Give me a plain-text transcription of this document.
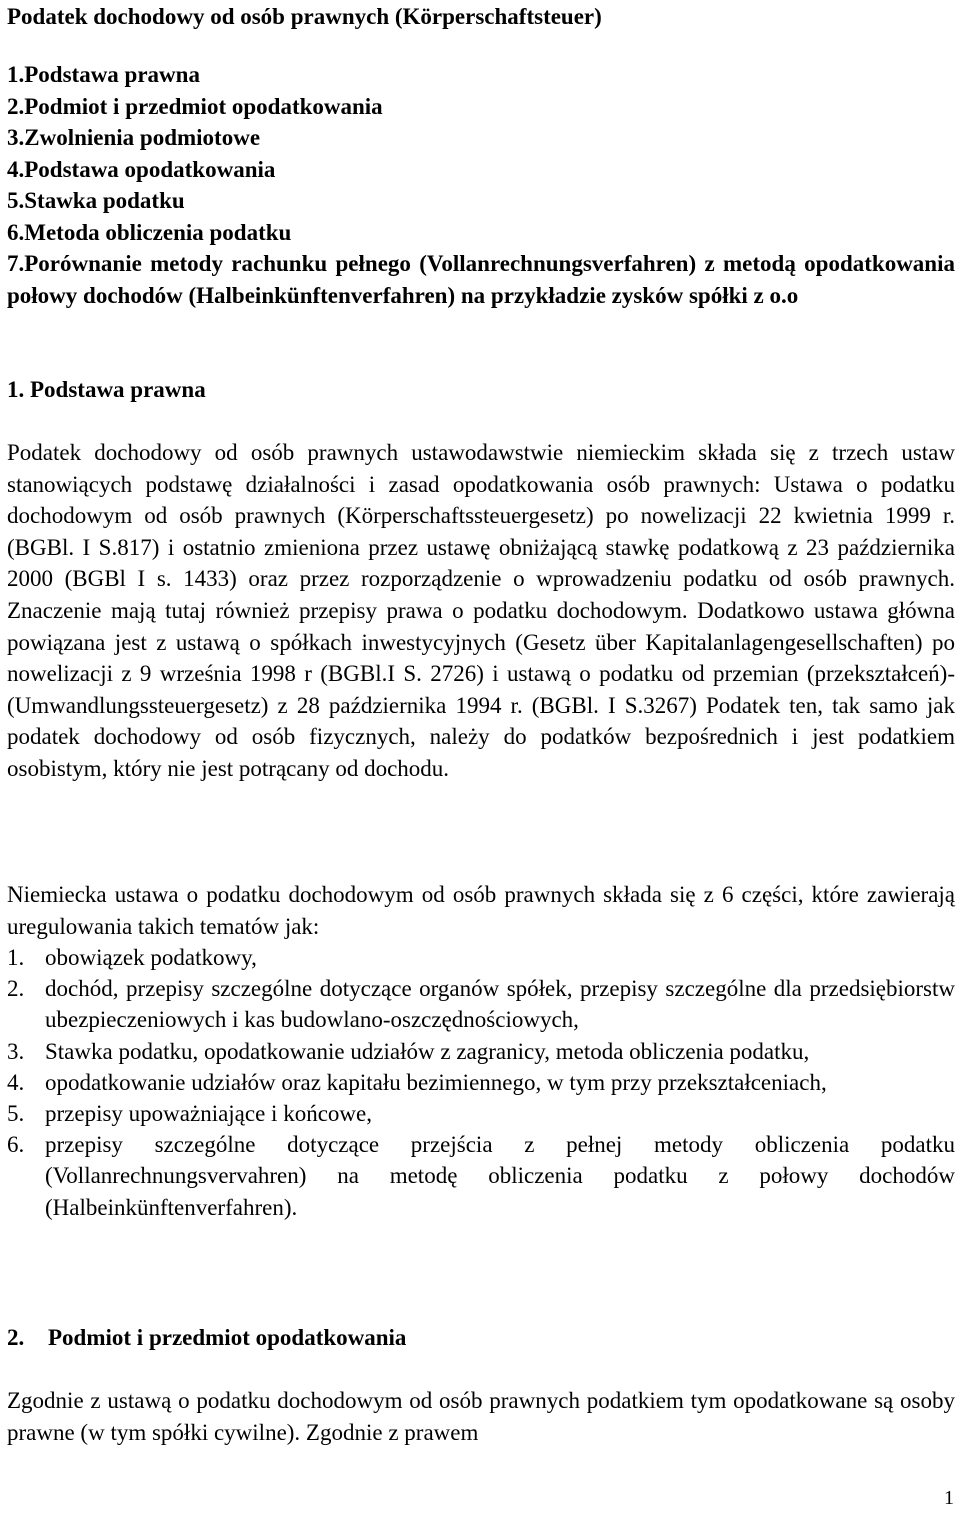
Podatek dochodowy od osób prawnych (Körperschaftsteuer)
1.Podstawa prawna
2.Podmiot i przedmiot opodatkowania
3.Zwolnienia podmiotowe
4.Podstawa opodatkowania
5.Stawka podatku
6.Metoda obliczenia podatku
7.Porównanie metody rachunku pełnego (Vollanrechnungsverfahren) z metodą opodatkowania połowy dochodów (Halbeinkünftenverfahren) na przykładzie zysków spółki z o.o
1. Podstawa prawna

Podatek dochodowy od osób prawnych ustawodawstwie niemieckim składa się z trzech ustaw stanowiących podstawę działalności i zasad opodatkowania osób prawnych: Ustawa o podatku dochodowym od osób prawnych (Körperschaftssteuergesetz) po nowelizacji 22 kwietnia 1999 r. (BGBl. I S.817) i ostatnio zmieniona przez ustawę obniżającą stawkę podatkową z 23 października 2000 (BGBl I s. 1433) oraz przez rozporządzenie o wprowadzeniu podatku od osób prawnych. Znaczenie mają tutaj również przepisy prawa o podatku dochodowym. Dodatkowo ustawa główna powiązana jest z ustawą o spółkach inwestycyjnych (Gesetz über Kapitalanlagengesellschaften) po nowelizacji z 9 września 1998 r (BGBl.I S. 2726) i ustawą o podatku od przemian (przekształceń)-(Umwandlungssteuergesetz) z 28 października 1994 r. (BGBl. I S.3267) Podatek ten, tak samo jak podatek dochodowy od osób fizycznych, należy do podatków bezpośrednich i jest podatkiem osobistym, który nie jest potrącany od dochodu.

Niemiecka ustawa o podatku dochodowym od osób prawnych składa się z 6 części, które zawierają uregulowania takich tematów jak:

1. obowiązek podatkowy,
2. dochód, przepisy szczególne dotyczące organów spółek, przepisy szczególne dla przedsiębiorstw ubezpieczeniowych i kas budowlano-oszczędnościowych,
3. Stawka podatku, opodatkowanie udziałów z zagranicy, metoda obliczenia podatku,
4. opodatkowanie udziałów oraz kapitału bezimiennego, w tym przy przekształceniach,
5. przepisy upoważniające i końcowe,
6. przepisy szczególne dotyczące przejścia z pełnej metody obliczenia podatku (Vollanrechnungsvervahren) na metodę obliczenia podatku z połowy dochodów (Halbeinkünftenverfahren).
2.	Podmiot i przedmiot opodatkowania

Zgodnie z ustawą o podatku dochodowym od osób prawnych podatkiem tym opodatkowane są osoby prawne (w tym spółki cywilne). Zgodnie z prawem

1
